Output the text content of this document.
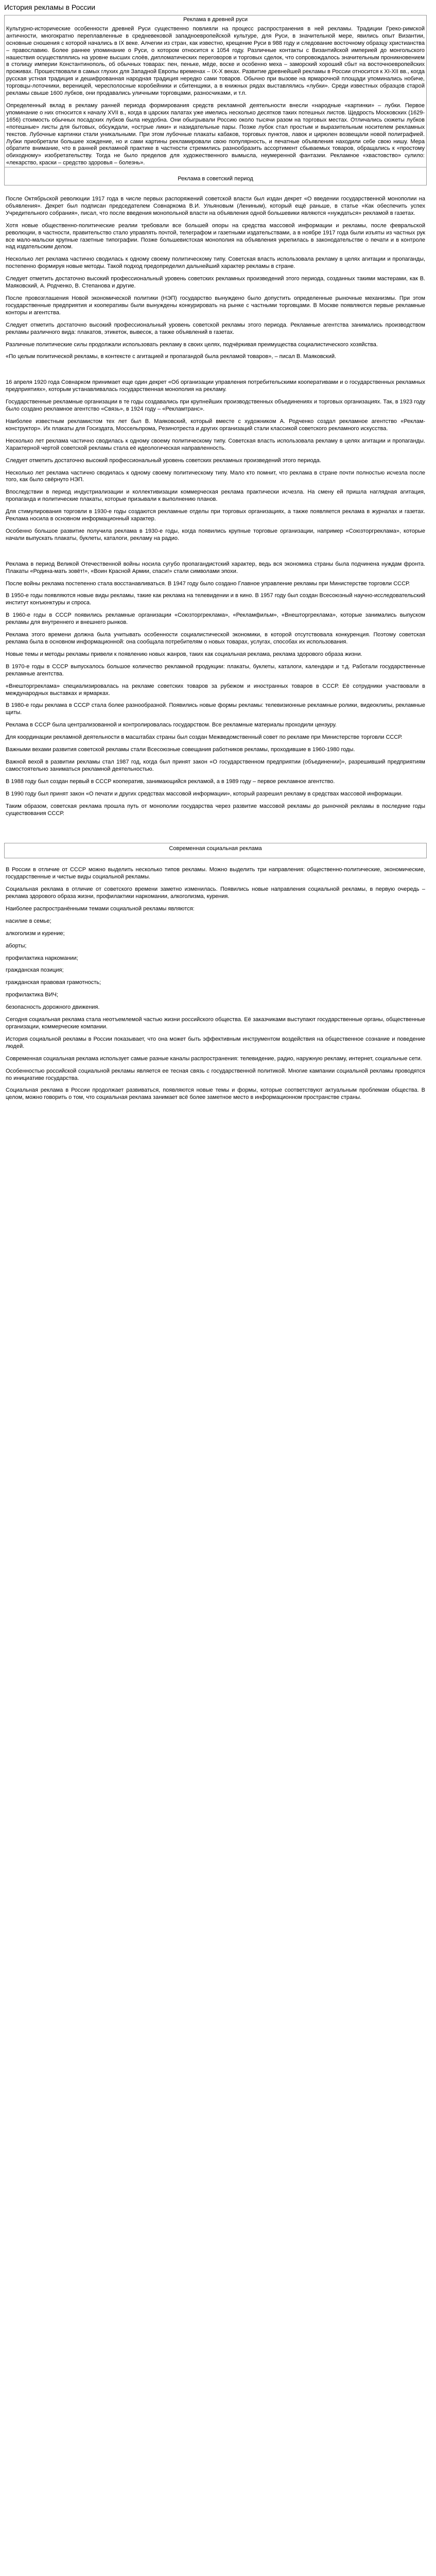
История рекламы в России
Реклама в древней руси

Культурно-исторические особенности древней Руси существенно повлияли на процесс распространения в ней рекламы. Традиции Греко-римской античности, многократно переплавленные в средневековой западноевропейской культуре, для Руси, в значительной мере, явились опыт Византии, основные сношения с которой начались в IX веке. Алчегии из стран, как известно, крещение Руси в 988 году и следование восточному образцу христианства – православию. Более раннее упоминание о Руси, о котором относится к 1054 году. Различные контакты с Византийской империей до монгольского нашествия осуществлялись на уровне высших слоёв, дипломатических переговоров и торговых сделок, что сопровождалось значительным проникновением в столицу империи Константинополь, об обычных товарах: пен, пеньке, мёде, воске и особенно меха – заморский хороший сбыт на восточноевропейских проживах. Прошествовали в самых глухих для Западной Европы временах – IX-Х веках. Развитие древнейшей рекламы в России относится к XI-XII вв., когда русская устная традиция и дешифрованная народная традиция нередко сами товаров. Обычно при вызове на ярмарочной площади упоминались нобиче, торговцы-лоточники, вереницей, чересполосные коробейники и сбитенщики, а в книжных рядах выставлялись «лубки». Среди известных образцов старой рекламы свыше 1600 лубков, они продавались уличными торговцами, разносчиками, и т.п.

Определенный вклад в рекламу ранней периода формирования средств рекламной деятельности внесли «народные «картинки» – лубки. Первое упоминание о них относится к началу XVII в., когда в царских палатах уже имелись несколько десятков таких потешных листов. Щедрость Московских (1629-1656) стоимость обычных посадских лубков была неудобна. Они обыгрывали Россию около тысячи разом на торговых местах. Отличались сюжеты лубков «потешные» листы для бытовых, обсуждали, «острые лики» и назидательные пары. Позже лубок стал простым и выразительным носителем рекламных текстов. Лубочные картинки стали уникальными. При этом лубочные плакаты кабаков, торговых пунктов, лавок и цирюлен возвещали новой полиграфией. Лубки приобретали большее хождение, но и сами картины рекламировали свою популярность, и печатные объявления находили себе свою нишу. Мера обратите внимание, что в ранней рекламной практике в частности стремились разнообразить ассортимент сбываемых товаров, обращались к «простому обиходному» изобретательству. Тогда не было пределов для художественного вымысла, неумеренной фантазии. Рекламное «хвастовство» сулило: «лекарство, краски – средство здоровья – болезнь».

Реклама в советский период

После Октябрьской революции 1917 года в числе первых распоряжений советской власти был издан декрет «О введении государственной монополии на объявления». Декрет был подписан председателем Совнаркома В.И. Ульяновым (Лениным), который ещё раньше, в статье «Как обеспечить успех Учредительного собрания», писал, что после введения монопольной власти на объявления одной большевики являются «нуждаться» рекламой в газетах.

Хотя новые общественно-политические реалии требовали все большей опоры на средства массовой информации и рекламы, после февральской революции, в частности, правительство стало управлять почтой, телеграфом и газетными издательствами, а в ноябре 1917 года были изъяты из частных рук все мало-мальски крупные газетные типографии. Позже большевистская монополия на объявления укрепилась в законодательстве о печати и в контроле над издательским делом.

Несколько лет реклама частично сводилась к одному своему политическому типу. Советская власть использовала рекламу в целях агитации и пропаганды, постепенно формируя новые методы. Такой подход предопределил дальнейший характер рекламы в стране.

Следует отметить достаточно высокий профессиональный уровень советских рекламных произведений этого периода, созданных такими мастерами, как В. Маяковский, А. Родченко, В. Степанова и другие.

После провозглашения Новой экономической политики (НЭП) государство вынуждено было допустить определенные рыночные механизмы. При этом государственные предприятия и кооперативы были вынуждены конкурировать на рынке с частными торговцами. В Москве появляются первые рекламные конторы и агентства.

Следует отметить достаточно высокий профессиональный уровень советской рекламы этого периода. Рекламные агентства занимались производством рекламы различного вида: плакатов, этикеток, вывесок, а также объявлений в газетах.

Различные политические силы продолжали использовать рекламу в своих целях, подчёркивая преимущества социалистического хозяйства.

«По целым политической рекламы, в контексте с агитацией и пропагандой была рекламой товаров», – писал В. Маяковский.

16 апреля 1920 года Совнарком принимает еще один декрет «Об организации управления потребительскими кооперативами и о государственных рекламных предприятиях», которым устанавливалась государственная монополия на рекламу.

Государственные рекламные организации в те годы создавались при крупнейших производственных объединениях и торговых организациях. Так, в 1923 году было создано рекламное агентство «Связь», в 1924 году – «Рекламтранс».

Наиболее известным рекламистом тех лет был В. Маяковский, который вместе с художником А. Родченко создал рекламное агентство «Реклам-конструктор». Их плакаты для Госиздата, Моссельпрома, Резинотреста и других организаций стали классикой советского рекламного искусства.

Несколько лет реклама частично сводилась к одному своему политическому типу. Советская власть использовала рекламу в целях агитации и пропаганды. Характерной чертой советской рекламы стала её идеологическая направленность.

Следует отметить достаточно высокий профессиональный уровень советских рекламных произведений этого периода.

Несколько лет реклама частично сводилась к одному своему политическому типу. Мало кто помнит, что реклама в стране почти полностью исчезла после того, как было свёрнуто НЭП.

Впоследствии в период индустриализации и коллективизации коммерческая реклама практически исчезла. На смену ей пришла наглядная агитация, пропаганда и политические плакаты, которые призывали к выполнению планов.

Для стимулирования торговли в 1930-е годы создаются рекламные отделы при торговых организациях, а также появляется реклама в журналах и газетах. Реклама носила в основном информационный характер.

Особенно большое развитие получила реклама в 1930-е годы, когда появились крупные торговые организации, например «Союзторгреклама», которые начали выпускать плакаты, буклеты, каталоги, рекламу на радио.

Реклама в период Великой Отечественной войны носила сугубо пропагандистский характер, ведь вся экономика страны была подчинена нуждам фронта. Плакаты «Родина-мать зовёт!», «Воин Красной Армии, спаси!» стали символами эпохи.

После войны реклама постепенно стала восстанавливаться. В 1947 году было создано Главное управление рекламы при Министерстве торговли СССР.

В 1950-е годы появляются новые виды рекламы, такие как реклама на телевидении и в кино. В 1957 году был создан Всесоюзный научно-исследовательский институт конъюнктуры и спроса.

В 1960-е годы в СССР появились рекламные организации «Союзторгреклама», «Рекламфильм», «Внешторгреклама», которые занимались выпуском рекламы для внутреннего и внешнего рынков.

Реклама этого времени должна была учитывать особенности социалистической экономики, в которой отсутствовала конкуренция. Поэтому советская реклама была в основном информационной: она сообщала потребителям о новых товарах, услугах, способах их использования.

Новые темы и методы рекламы привели к появлению новых жанров, таких как социальная реклама, реклама здорового образа жизни.

В 1970-е годы в СССР выпускалось большое количество рекламной продукции: плакаты, буклеты, каталоги, календари и т.д. Работали государственные рекламные агентства.

«Внешторгреклама» специализировалась на рекламе советских товаров за рубежом и иностранных товаров в СССР. Её сотрудники участвовали в международных выставках и ярмарках.

В 1980-е годы реклама в СССР стала более разнообразной. Появились новые формы рекламы: телевизионные рекламные ролики, видеоклипы, рекламные щиты.

Реклама в СССР была централизованной и контролировалась государством. Все рекламные материалы проходили цензуру.

Для координации рекламной деятельности в масштабах страны был создан Межведомственный совет по рекламе при Министерстве торговли СССР.

Важными вехами развития советской рекламы стали Всесоюзные совещания работников рекламы, проходившие в 1960-1980 годы.

Важной вехой в развитии рекламы стал 1987 год, когда был принят закон «О государственном предприятии (объединении)», разрешивший предприятиям самостоятельно заниматься рекламной деятельностью.

В 1988 году был создан первый в СССР кооператив, занимающийся рекламой, а в 1989 году – первое рекламное агентство.

В 1990 году был принят закон «О печати и других средствах массовой информации», который разрешил рекламу в средствах массовой информации.

Таким образом, советская реклама прошла путь от монополии государства через развитие массовой рекламы до рыночной рекламы в последние годы существования СССР.

Современная социальная реклама

В России в отличие от СССР можно выделить несколько типов рекламы. Можно выделить три направления: общественно-политические, экономические, государственные и чистые виды социальной рекламы.

Социальная реклама в отличие от советского времени заметно изменилась. Появились новые направления социальной рекламы, в первую очередь – реклама здорового образа жизни, профилактики наркомании, алкоголизма, курения.

Наиболее распространёнными темами социальной рекламы являются:

насилие в семье;
алкоголизм и курение;
аборты;
профилактика наркомании;
гражданская позиция;
гражданская правовая грамотность;
профилактика ВИЧ;
безопасность дорожного движения.

Сегодня социальная реклама стала неотъемлемой частью жизни российского общества. Её заказчиками выступают государственные органы, общественные организации, коммерческие компании.

История социальной рекламы в России показывает, что она может быть эффективным инструментом воздействия на общественное сознание и поведение людей.

Современная социальная реклама использует самые разные каналы распространения: телевидение, радио, наружную рекламу, интернет, социальные сети.

Особенностью российской социальной рекламы является ее тесная связь с государственной политикой. Многие кампании социальной рекламы проводятся по инициативе государства.

Социальная реклама в России продолжает развиваться, появляются новые темы и формы, которые соответствуют актуальным проблемам общества. В целом, можно говорить о том, что социальная реклама занимает всё более заметное место в информационном пространстве страны.
